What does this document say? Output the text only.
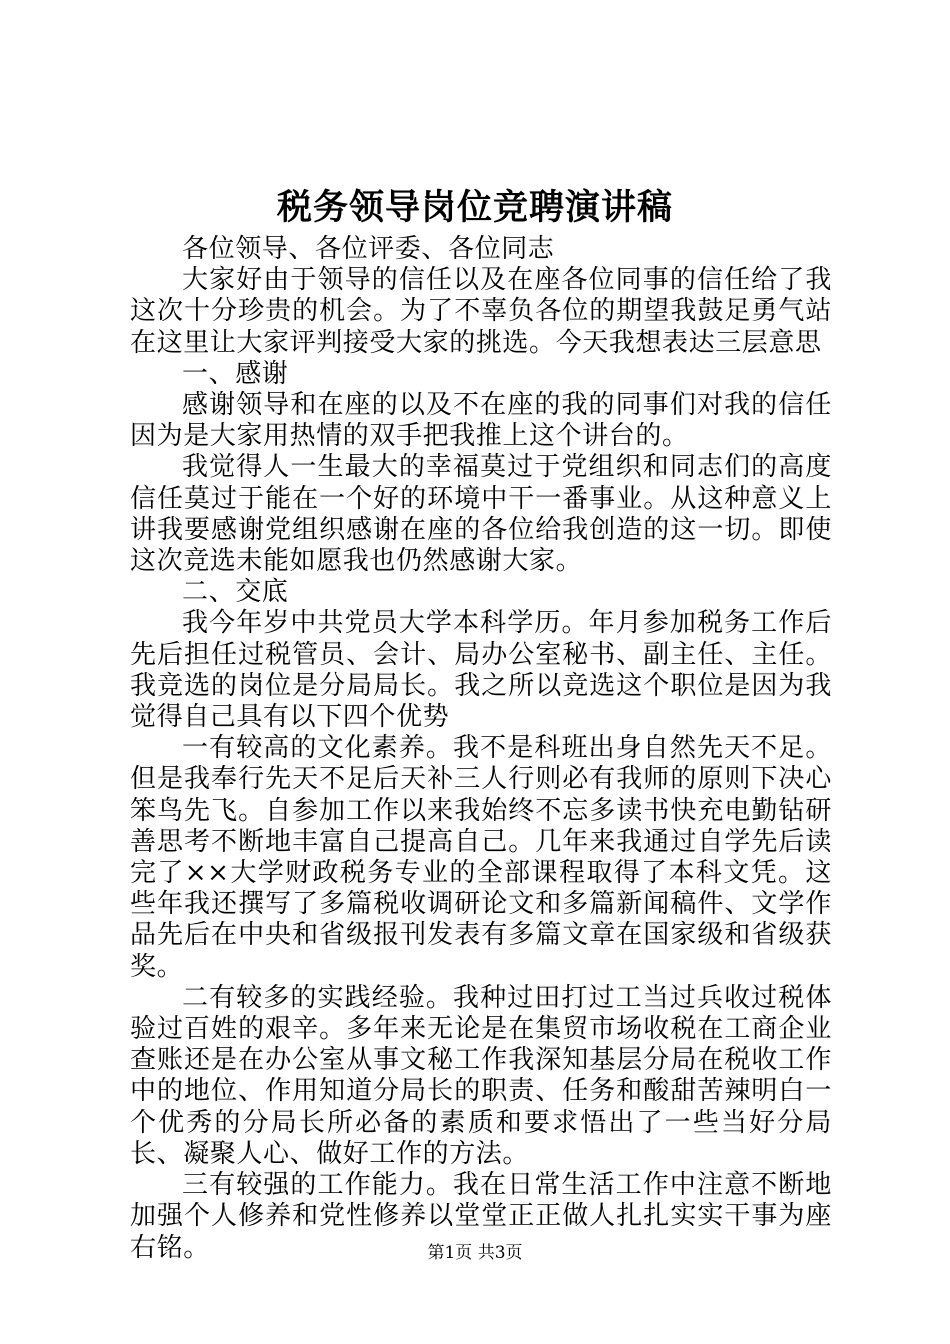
税务领导岗位竞聘演讲稿

各位领导、各位评委、各位同志

大家好由于领导的信任以及在座各位同事的信任给了我这次十分珍贵的机会。为了不辜负各位的期望我鼓足勇气站在这里让大家评判接受大家的挑选。今天我想表达三层意思

一、感谢

感谢领导和在座的以及不在座的我的同事们对我的信任因为是大家用热情的双手把我推上这个讲台的。

我觉得人一生最大的幸福莫过于党组织和同志们的高度信任莫过于能在一个好的环境中干一番事业。从这种意义上讲我要感谢党组织感谢在座的各位给我创造的这一切。即使这次竞选未能如愿我也仍然感谢大家。

二、交底

我今年岁中共党员大学本科学历。年月参加税务工作后先后担任过税管员、会计、局办公室秘书、副主任、主任。我竞选的岗位是分局局长。我之所以竞选这个职位是因为我觉得自己具有以下四个优势

一有较高的文化素养。我不是科班出身自然先天不足。但是我奉行先天不足后天补三人行则必有我师的原则下决心笨鸟先飞。自参加工作以来我始终不忘多读书快充电勤钻研善思考不断地丰富自己提高自己。几年来我通过自学先后读完了××大学财政税务专业的全部课程取得了本科文凭。这些年我还撰写了多篇税收调研论文和多篇新闻稿件、文学作品先后在中央和省级报刊发表有多篇文章在国家级和省级获奖。

二有较多的实践经验。我种过田打过工当过兵收过税体验过百姓的艰辛。多年来无论是在集贸市场收税在工商企业查账还是在办公室从事文秘工作我深知基层分局在税收工作中的地位、作用知道分局长的职责、任务和酸甜苦辣明白一个优秀的分局长所必备的素质和要求悟出了一些当好分局长、凝聚人心、做好工作的方法。

三有较强的工作能力。我在日常生活工作中注意不断地加强个人修养和党性修养以堂堂正正做人扎扎实实干事为座右铭。	第1页 共3页
